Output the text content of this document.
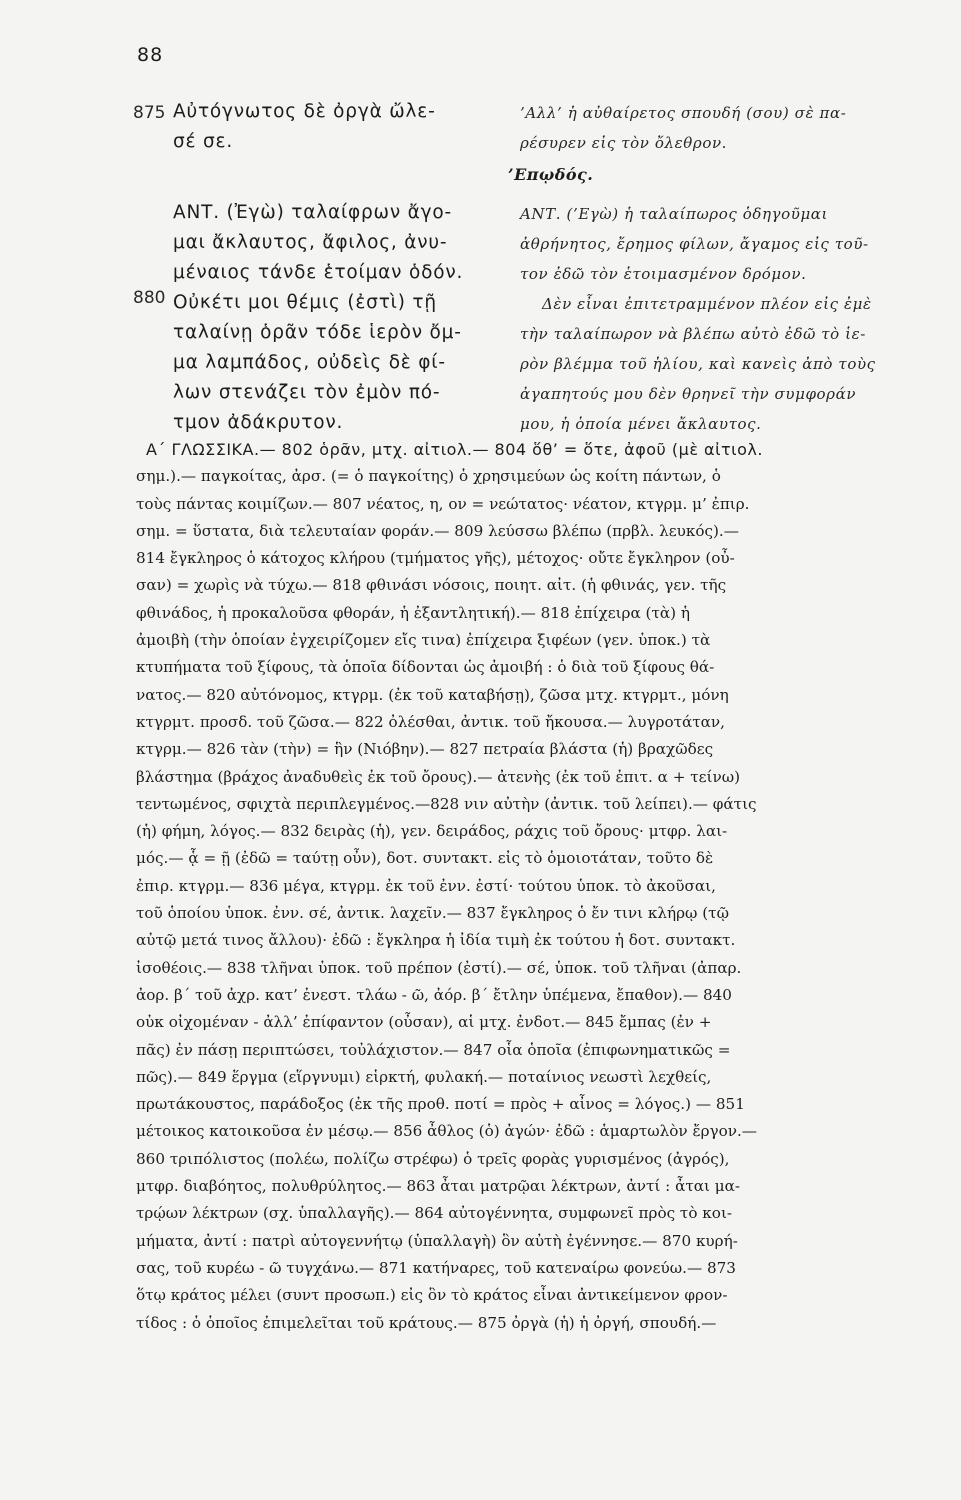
88
875
880
Αὐτόγνωτος δὲ ὀργὰ ὤλε-
σέ σε.
’Αλλ’ ἡ αὐθαίρετος σπουδή (σου) σὲ πα-
ρέσυρεν εἰς τὸν ὄλεθρον.
’Επῳδός.
ΑΝΤ. (Ἐγὼ) ταλαίφρων ἄγο-
μαι ἄκλαυτος, ἄφιλος, ἀνυ-
μέναιος τάνδε ἑτοίμαν ὁδόν.
Οὐκέτι μοι θέμις (ἐστὶ) τῇ
ταλαίνῃ ὁρᾶν τόδε ἱερὸν ὄμ-
μα λαμπάδος, οὐδεὶς δὲ φί-
λων στενάζει τὸν ἐμὸν πό-
τμον ἀδάκρυτον.
ΑΝΤ. (’Εγὼ) ἡ ταλαίπωρος ὁδηγοῦμαι
ἀθρήνητος, ἔρημος φίλων, ἄγαμος εἰς τοῦ-
τον ἐδῶ τὸν ἑτοιμασμένον δρόμον.
Δὲν εἶναι ἐπιτετραμμένον πλέον εἰς ἐμὲ
τὴν ταλαίπωρον νὰ βλέπω αὐτὸ ἐδῶ τὸ ἱε-
ρὸν βλέμμα τοῦ ἡλίου, καὶ κανεὶς ἀπὸ τοὺς
ἀγαπητούς μου δὲν θρηνεῖ τὴν συμφοράν
μου, ἡ ὁποία μένει ἄκλαυτος.
Α΄ ΓΛΩΣΣΙΚΑ.— 802 ὁρᾶν, μτχ. αἰτιολ.— 804 ὅθ’ = ὅτε, ἀφοῦ (μὲ αἰτιολ.
σημ.).— παγκοίτας, ἀρσ. (= ὁ παγκοίτης) ὁ χρησιμεύων ὡς κοίτη πάντων, ὁ
τοὺς πάντας κοιμίζων.— 807 νέατος, η, ον = νεώτατος· νέατον, κτγρμ. μ’ ἐπιρ.
σημ. = ὕστατα, διὰ τελευταίαν φοράν.— 809 λεύσσω βλέπω (πρβλ. λευκός).—
814 ἔγκληρος ὁ κάτοχος κλήρου (τμήματος γῆς), μέτοχος· οὔτε ἔγκληρον (οὖ-
σαν) = χωρὶς νὰ τύχω.— 818 φθινάσι νόσοις, ποιητ. αἰτ. (ἡ φθινάς, γεν. τῆς
φθινάδος, ἡ προκαλοῦσα φθοράν, ἡ ἐξαντλητική).— 818 ἐπίχειρα (τὰ) ἡ
ἀμοιβὴ (τὴν ὁποίαν ἐγχειρίζομεν εἴς τινα) ἐπίχειρα ξιφέων (γεν. ὑποκ.) τὰ
κτυπήματα τοῦ ξίφους, τὰ ὁποῖα δίδονται ὡς ἀμοιβή : ὁ διὰ τοῦ ξίφους θά-
νατος.— 820 αὐτόνομος, κτγρμ. (ἐκ τοῦ καταβήσῃ), ζῶσα μτχ. κτγρμτ., μόνη
κτγρμτ. προσδ. τοῦ ζῶσα.— 822 ὀλέσθαι, ἀντικ. τοῦ ἤκουσα.— λυγροτάταν,
κτγρμ.— 826 τὰν (τὴν) = ἣν (Νιόβην).— 827 πετραία βλάστα (ἡ) βραχῶδες
βλάστημα (βράχος ἀναδυθεὶς ἐκ τοῦ ὄρους).— ἀτενὴς (ἐκ τοῦ ἐπιτ. α + τείνω)
τεντωμένος, σφιχτὰ περιπλεγμένος.—828 νιν αὐτὴν (ἀντικ. τοῦ λείπει).— φάτις
(ἡ) φήμη, λόγος.— 832 δειρὰς (ἡ), γεν. δειράδος, ράχις τοῦ ὄρους· μτφρ. λαι-
μός.— ᾇ = ῇ (ἐδῶ = ταύτῃ οὖν), δοτ. συντακτ. εἰς τὸ ὁμοιοτάταν, τοῦτο δὲ
ἐπιρ. κτγρμ.— 836 μέγα, κτγρμ. ἐκ τοῦ ἐνν. ἐστί· τούτου ὑποκ. τὸ ἀκοῦσαι,
τοῦ ὁποίου ὑποκ. ἐνν. σέ, ἀντικ. λαχεῖν.— 837 ἔγκληρος ὁ ἔν τινι κλήρῳ (τῷ
αὐτῷ μετά τινος ἄλλου)· ἐδῶ : ἔγκληρα ἡ ἰδία τιμὴ ἐκ τούτου ἡ δοτ. συντακτ.
ἰσοθέοις.— 838 τλῆναι ὑποκ. τοῦ πρέπον (ἐστί).— σέ, ὑποκ. τοῦ τλῆναι (ἀπαρ.
ἀορ. β΄ τοῦ ἀχρ. κατ’ ἐνεστ. τλάω - ῶ, ἀόρ. β΄ ἔτλην ὑπέμενα, ἔπαθον).— 840
οὐκ οἰχομέναν - ἀλλ’ ἐπίφαντον (οὖσαν), αἱ μτχ. ἐνδοτ.— 845 ἔμπας (ἐν +
πᾶς) ἐν πάσῃ περιπτώσει, τοὐλάχιστον.— 847 οἷα ὁποῖα (ἐπιφωνηματικῶς =
πῶς).— 849 ἕργμα (εἵργνυμι) εἱρκτή, φυλακή.— ποταίνιος νεωστὶ λεχθείς,
πρωτάκουστος, παράδοξος (ἐκ τῆς προθ. ποτί = πρὸς + αἶνος = λόγος.) — 851
μέτοικος κατοικοῦσα ἐν μέσῳ.— 856 ἆθλος (ὁ) ἀγών· ἐδῶ : ἁμαρτωλὸν ἔργον.—
860 τριπόλιστος (πολέω, πολίζω στρέφω) ὁ τρεῖς φορὰς γυρισμένος (ἀγρός),
μτφρ. διαβόητος, πολυθρύλητος.— 863 ἆται ματρῷαι λέκτρων, ἀντί : ἆται μα-
τρῴων λέκτρων (σχ. ὑπαλλαγῆς).— 864 αὐτογέννητα, συμφωνεῖ πρὸς τὸ κοι-
μήματα, ἀντί : πατρὶ αὐτογεννήτῳ (ὑπαλλαγὴ) ὃν αὐτὴ ἐγέννησε.— 870 κυρή-
σας, τοῦ κυρέω - ῶ τυγχάνω.— 871 κατήναρες, τοῦ κατεναίρω φονεύω.— 873
ὅτῳ κράτος μέλει (συντ προσωπ.) εἰς ὃν τὸ κράτος εἶναι ἀντικείμενον φρον-
τίδος : ὁ ὁποῖος ἐπιμελεῖται τοῦ κράτους.— 875 ὀργὰ (ἡ) ἡ ὀργή, σπουδή.—
